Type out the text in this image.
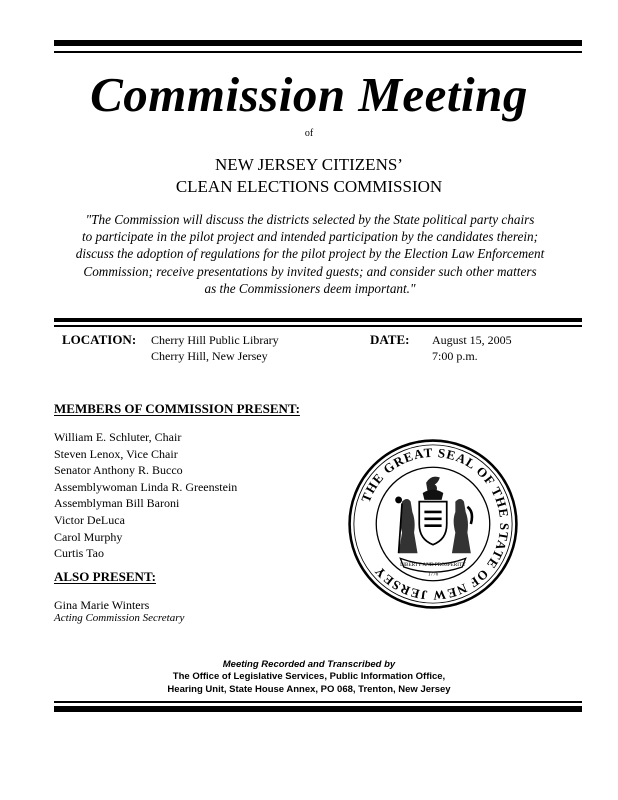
Commission Meeting
of
NEW JERSEY CITIZENS’
CLEAN ELECTIONS COMMISSION
"The Commission will discuss the districts selected by the State political party chairs
to participate in the pilot project and intended participation by the candidates therein;
discuss the adoption of regulations for the pilot project by the Election Law Enforcement
Commission; receive presentations by invited guests; and consider such other matters
as the Commissioners deem important."
LOCATION: Cherry Hill Public Library
Cherry Hill, New Jersey
DATE: August 15, 2005
7:00 p.m.
MEMBERS OF COMMISSION PRESENT:
William E. Schluter, Chair
Steven Lenox, Vice Chair
Senator Anthony R. Bucco
Assemblywoman Linda R. Greenstein
Assemblyman Bill Baroni
Victor DeLuca
Carol Murphy
Curtis Tao
ALSO PRESENT:
Gina Marie Winters
Acting Commission Secretary
THE GREAT SEAL OF THE STATE OF NEW JERSEY	LIBERTY AND PROSPERITY
1776
Meeting Recorded and Transcribed by
The Office of Legislative Services, Public Information Office,
Hearing Unit, State House Annex, PO 068, Trenton, New Jersey
